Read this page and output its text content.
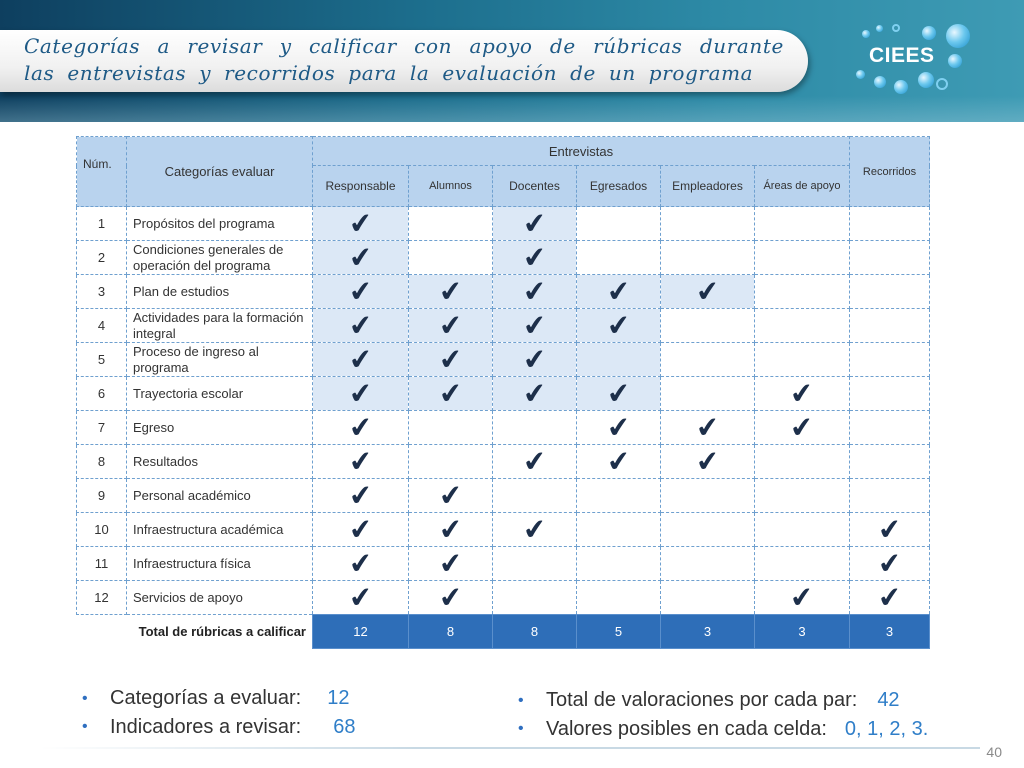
Categorías a revisar y calificar con apoyo de rúbricas durante las entrevistas y recorridos para la evaluación de un programa
CIEES
Núm.	Categorías evaluar	Entrevistas						Recorridos
		Responsable	Alumnos	Docentes	Egresados	Empleadores	Áreas de apoyo	
1	Propósitos del programa	✔		✔				
2	Condiciones generales de operación del programa	✔		✔				
3	Plan de estudios	✔	✔	✔	✔	✔		
4	Actividades para la formación integral	✔	✔	✔	✔			
5	Proceso de ingreso al programa	✔	✔	✔				
6	Trayectoria escolar	✔	✔	✔	✔		✔	
7	Egreso	✔			✔	✔	✔	
8	Resultados	✔		✔	✔	✔		
9	Personal académico	✔	✔					
10	Infraestructura académica	✔	✔	✔				✔
11	Infraestructura física	✔	✔					✔
12	Servicios de apoyo	✔	✔				✔	✔
Total de rúbricas a calificar		12	8	8	5	3	3	3
• Categorías a evaluar: 12
• Indicadores a revisar: 68
• Total de valoraciones por cada par: 42
• Valores posibles en cada celda: 0, 1, 2, 3.
40
